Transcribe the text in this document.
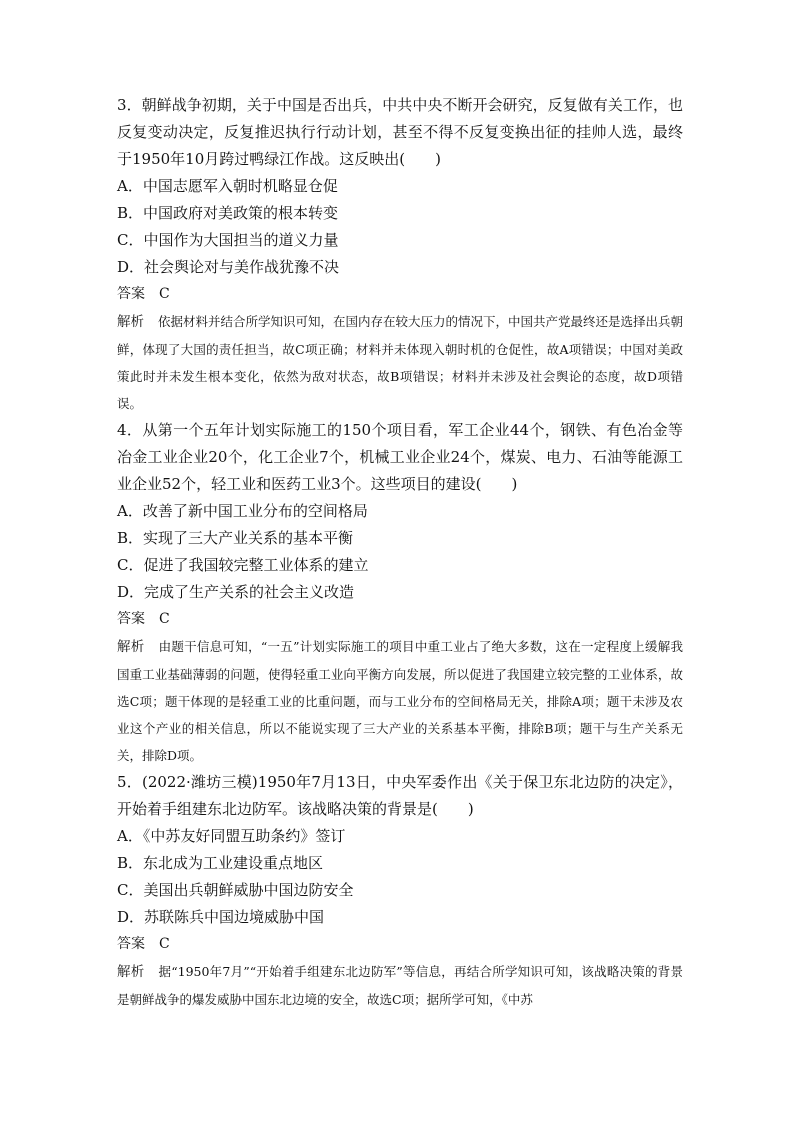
3．朝鲜战争初期，关于中国是否出兵，中共中央不断开会研究，反复做有关工作，也反复变动决定，反复推迟执行行动计划，甚至不得不反复变换出征的挂帅人选，最终于1950年10月跨过鸭绿江作战。这反映出(　　)

A．中国志愿军入朝时机略显仓促

B．中国政府对美政策的根本转变

C．中国作为大国担当的道义力量

D．社会舆论对与美作战犹豫不决

答案 C

解析 依据材料并结合所学知识可知，在国内存在较大压力的情况下，中国共产党最终还是选择出兵朝鲜，体现了大国的责任担当，故C项正确；材料并未体现入朝时机的仓促性，故A项错误；中国对美政策此时并未发生根本变化，依然为敌对状态，故B项错误；材料并未涉及社会舆论的态度，故D项错误。

4．从第一个五年计划实际施工的150个项目看，军工企业44个，钢铁、有色冶金等冶金工业企业20个，化工企业7个，机械工业企业24个，煤炭、电力、石油等能源工业企业52个，轻工业和医药工业3个。这些项目的建设(　　)

A．改善了新中国工业分布的空间格局

B．实现了三大产业关系的基本平衡

C．促进了我国较完整工业体系的建立

D．完成了生产关系的社会主义改造

答案 C

解析 由题干信息可知，“一五”计划实际施工的项目中重工业占了绝大多数，这在一定程度上缓解我国重工业基础薄弱的问题，使得轻重工业向平衡方向发展，所以促进了我国建立较完整的工业体系，故选C项；题干体现的是轻重工业的比重问题，而与工业分布的空间格局无关，排除A项；题干未涉及农业这个产业的相关信息，所以不能说实现了三大产业的关系基本平衡，排除B项；题干与生产关系无关，排除D项。

5．(2022·潍坊三模)1950年7月13日，中央军委作出《关于保卫东北边防的决定》，开始着手组建东北边防军。该战略决策的背景是(　　)

A．《中苏友好同盟互助条约》签订

B．东北成为工业建设重点地区

C．美国出兵朝鲜威胁中国边防安全

D．苏联陈兵中国边境威胁中国

答案 C

解析 据“1950年7月”“开始着手组建东北边防军”等信息，再结合所学知识可知，该战略决策的背景是朝鲜战争的爆发威胁中国东北边境的安全，故选C项；据所学可知，《中苏
